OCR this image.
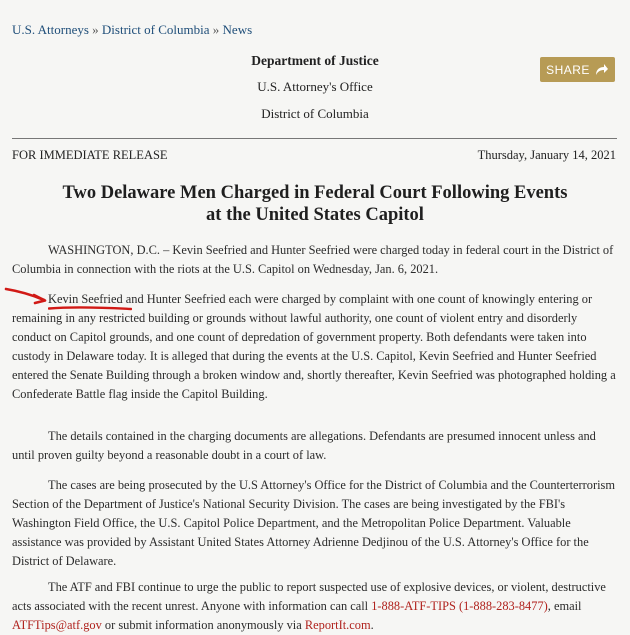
U.S. Attorneys » District of Columbia » News
Department of Justice
U.S. Attorney's Office
District of Columbia
SHARE
FOR IMMEDIATE RELEASE	Thursday, January 14, 2021
Two Delaware Men Charged in Federal Court Following Events
at the United States Capitol

WASHINGTON, D.C. – Kevin Seefried and Hunter Seefried were charged today in federal court in the District of Columbia in connection with the riots at the U.S. Capitol on Wednesday, Jan. 6, 2021.

Kevin Seefried and Hunter Seefried each were charged by complaint with one count of knowingly entering or remaining in any restricted building or grounds without lawful authority, one count of violent entry and disorderly conduct on Capitol grounds, and one count of depredation of government property. Both defendants were taken into custody in Delaware today. It is alleged that during the events at the U.S. Capitol, Kevin Seefried and Hunter Seefried entered the Senate Building through a broken window and, shortly thereafter, Kevin Seefried was photographed holding a Confederate Battle flag inside the Capitol Building.

The details contained in the charging documents are allegations. Defendants are presumed innocent unless and until proven guilty beyond a reasonable doubt in a court of law.

The cases are being prosecuted by the U.S Attorney's Office for the District of Columbia and the Counterterrorism Section of the Department of Justice's National Security Division. The cases are being investigated by the FBI's Washington Field Office, the U.S. Capitol Police Department, and the Metropolitan Police Department. Valuable assistance was provided by Assistant United States Attorney Adrienne Dedjinou of the U.S. Attorney's Office for the District of Delaware.

The ATF and FBI continue to urge the public to report suspected use of explosive devices, or violent, destructive acts associated with the recent unrest. Anyone with information can call 1-888-ATF-TIPS (1-888-283-8477), email ATFTips@atf.gov or submit information anonymously via ReportIt.com.
